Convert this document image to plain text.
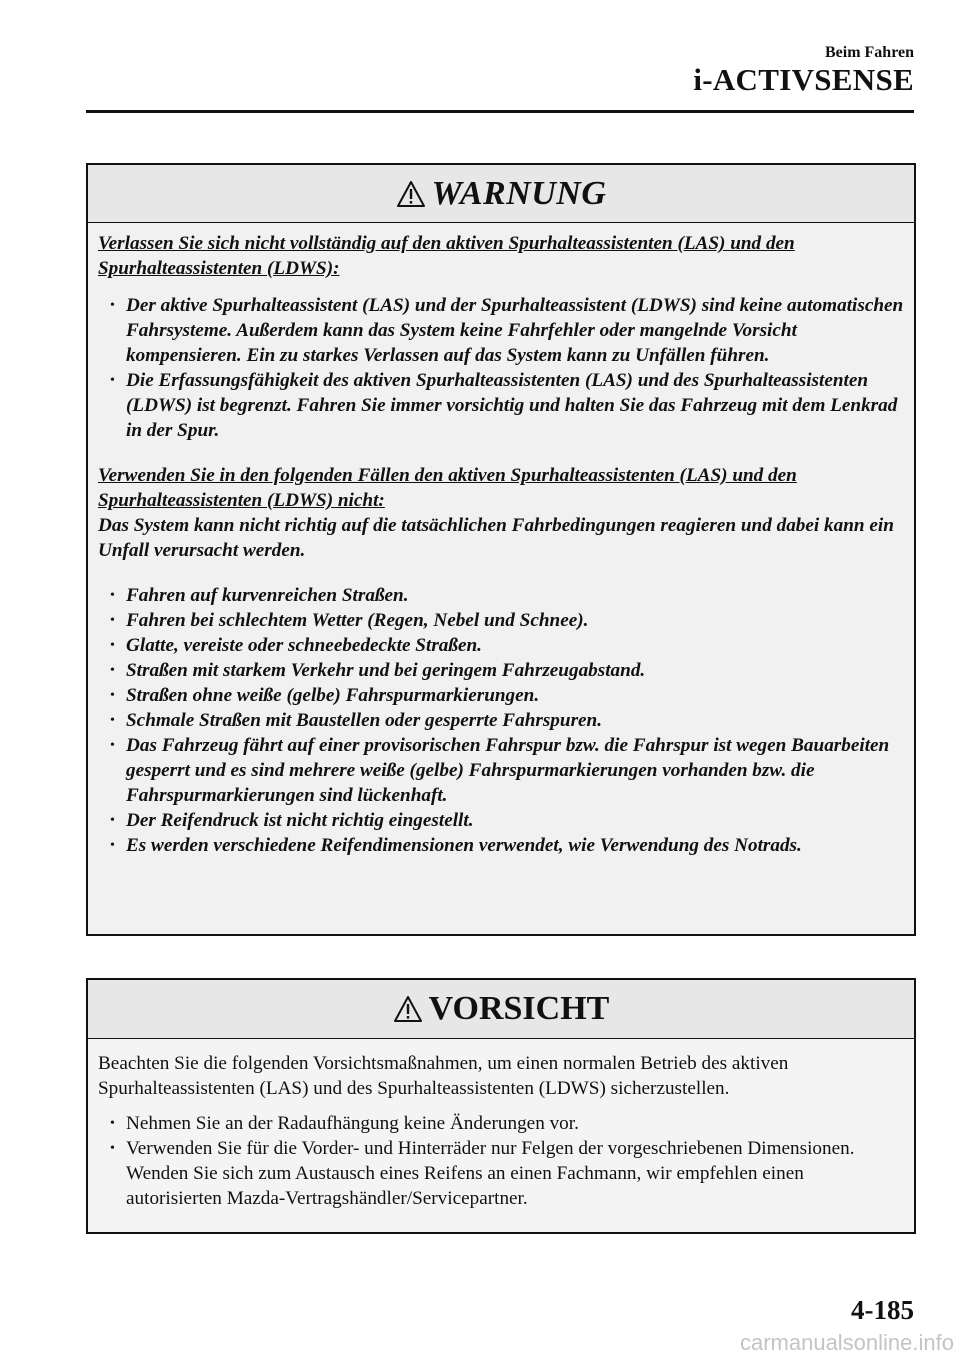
Beim Fahren
i-ACTIVSENSE
WARNUNG

Verlassen Sie sich nicht vollständig auf den aktiven Spurhalteassistenten (LAS) und den Spurhalteassistenten (LDWS):

• Der aktive Spurhalteassistent (LAS) und der Spurhalteassistent (LDWS) sind keine automatischen Fahrsysteme. Außerdem kann das System keine Fahrfehler oder mangelnde Vorsicht kompensieren. Ein zu starkes Verlassen auf das System kann zu Unfällen führen.
• Die Erfassungsfähigkeit des aktiven Spurhalteassistenten (LAS) und des Spurhalteassistenten (LDWS) ist begrenzt. Fahren Sie immer vorsichtig und halten Sie das Fahrzeug mit dem Lenkrad in der Spur.

Verwenden Sie in den folgenden Fällen den aktiven Spurhalteassistenten (LAS) und den Spurhalteassistenten (LDWS) nicht:

Das System kann nicht richtig auf die tatsächlichen Fahrbedingungen reagieren und dabei kann ein Unfall verursacht werden.

• Fahren auf kurvenreichen Straßen.
• Fahren bei schlechtem Wetter (Regen, Nebel und Schnee).
• Glatte, vereiste oder schneebedeckte Straßen.
• Straßen mit starkem Verkehr und bei geringem Fahrzeugabstand.
• Straßen ohne weiße (gelbe) Fahrspurmarkierungen.
• Schmale Straßen mit Baustellen oder gesperrte Fahrspuren.
• Das Fahrzeug fährt auf einer provisorischen Fahrspur bzw. die Fahrspur ist wegen Bauarbeiten gesperrt und es sind mehrere weiße (gelbe) Fahrspurmarkierungen vorhanden bzw. die Fahrspurmarkierungen sind lückenhaft.
• Der Reifendruck ist nicht richtig eingestellt.
• Es werden verschiedene Reifendimensionen verwendet, wie Verwendung des Notrads.
VORSICHT

Beachten Sie die folgenden Vorsichtsmaßnahmen, um einen normalen Betrieb des aktiven Spurhalteassistenten (LAS) und des Spurhalteassistenten (LDWS) sicherzustellen.

• Nehmen Sie an der Radaufhängung keine Änderungen vor.
• Verwenden Sie für die Vorder- und Hinterräder nur Felgen der vorgeschriebenen Dimensionen. Wenden Sie sich zum Austausch eines Reifens an einen Fachmann, wir empfehlen einen autorisierten Mazda-Vertragshändler/Servicepartner.
4-185
carmanualsonline.info
